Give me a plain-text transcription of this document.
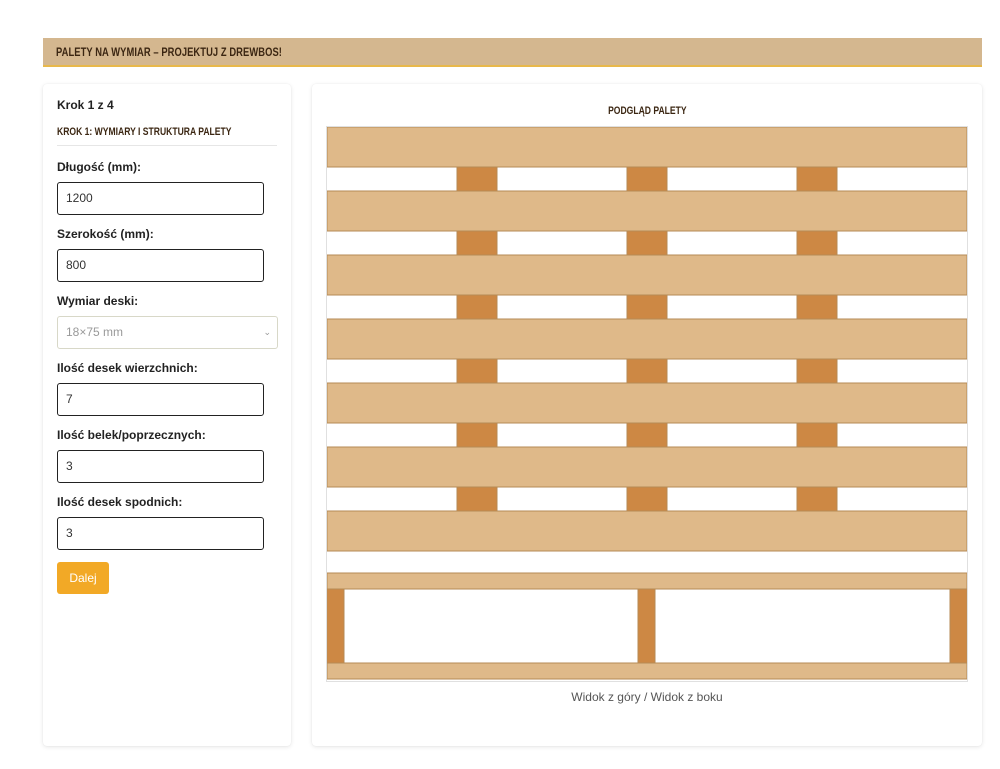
PALETY NA WYMIAR – PROJEKTUJ Z DREWBOS!
Krok 1 z 4
KROK 1: WYMIARY I STRUKTURA PALETY
Długość (mm):
1200
Szerokość (mm):
800
Wymiar deski:
18×75 mm	⌄
Ilość desek wierzchnich:
7
Ilość belek/poprzecznych:
3
Ilość desek spodnich:
3
Dalej
PODGLĄD PALETY
Widok z góry / Widok z boku
